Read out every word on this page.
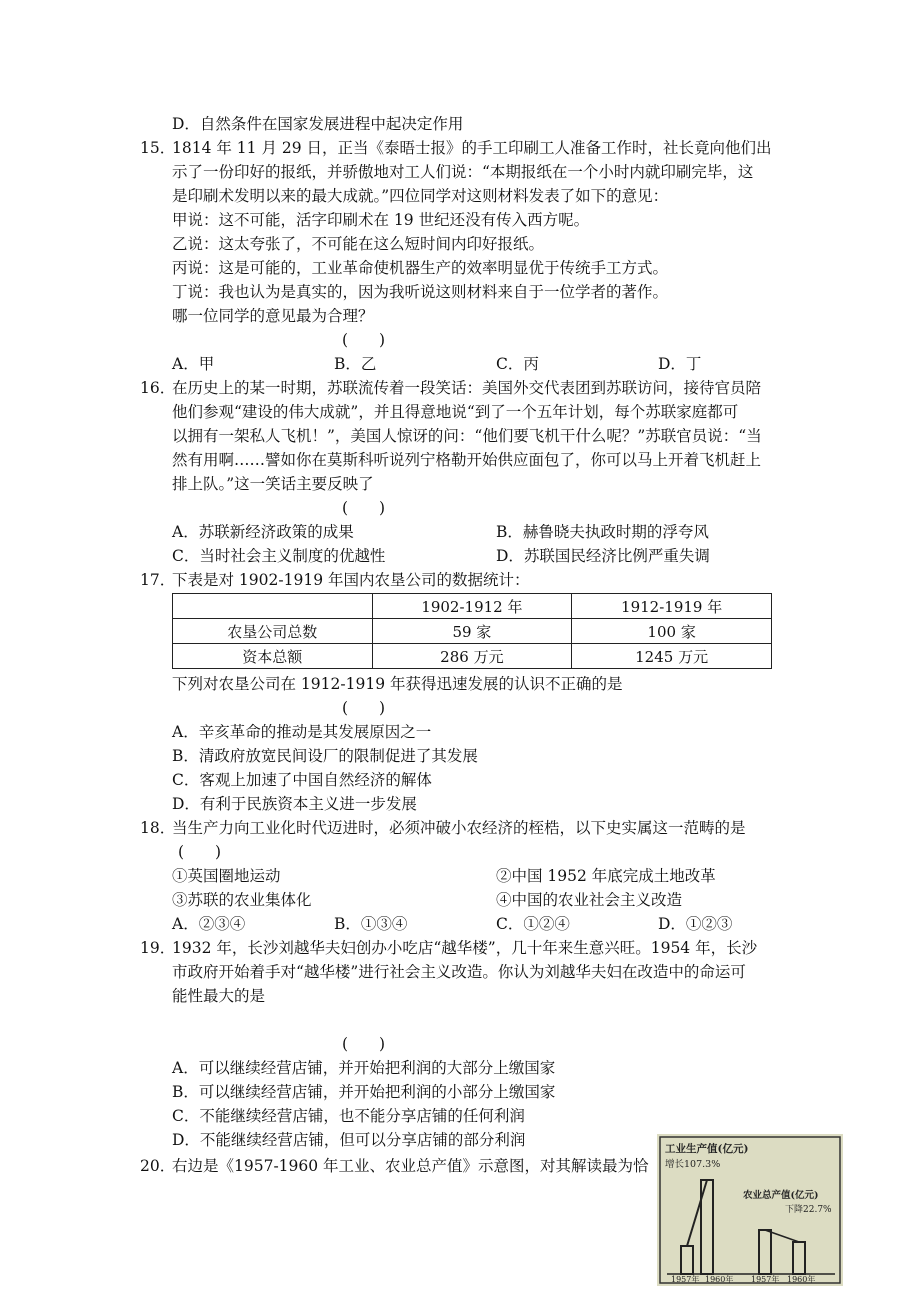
D．自然条件在国家发展进程中起决定作用
15．
1814 年 11 月 29 日，正当《泰晤士报》的手工印刷工人准备工作时，社长竟向他们出
示了一份印好的报纸，并骄傲地对工人们说：“本期报纸在一个小时内就印刷完毕，这
是印刷术发明以来的最大成就。”四位同学对这则材料发表了如下的意见：
甲说：这不可能，活字印刷术在 19 世纪还没有传入西方呢。
乙说：这太夸张了，不可能在这么短时间内印好报纸。
丙说：这是可能的，工业革命使机器生产的效率明显优于传统手工方式。
丁说：我也认为是真实的，因为我听说这则材料来自于一位学者的著作。
哪一位同学的意见最为合理？
(　　)
A．甲	B．乙	C．丙	D．丁
16．
在历史上的某一时期，苏联流传着一段笑话：美国外交代表团到苏联访问，接待官员陪
他们参观“建设的伟大成就”，并且得意地说“到了一个五年计划，每个苏联家庭都可
以拥有一架私人飞机！”，美国人惊讶的问：“他们要飞机干什么呢？”苏联官员说：“当
然有用啊……譬如你在莫斯科听说列宁格勒开始供应面包了，你可以马上开着飞机赶上
排上队。”这一笑话主要反映了
(　　)
A．苏联新经济政策的成果	B．赫鲁晓夫执政时期的浮夸风
C．当时社会主义制度的优越性	D．苏联国民经济比例严重失调
17．
下表是对 1902-1919 年国内农垦公司的数据统计：
	1902-1912 年	1912-1919 年
农垦公司总数	59 家	100 家
资本总额	286 万元	1245 万元
下列对农垦公司在 1912-1919 年获得迅速发展的认识不正确的是
(　　)
A．辛亥革命的推动是其发展原因之一
B．清政府放宽民间设厂的限制促进了其发展
C．客观上加速了中国自然经济的解体
D．有利于民族资本主义进一步发展
18．
当生产力向工业化时代迈进时，必须冲破小农经济的桎梏，以下史实属这一范畴的是
(　　)
①英国圈地运动	②中国 1952 年底完成土地改革
③苏联的农业集体化	④中国的农业社会主义改造
A．②③④	B．①③④	C．①②④	D．①②③
19．
1932 年，长沙刘越华夫妇创办小吃店“越华楼”，几十年来生意兴旺。1954 年，长沙
市政府开始着手对“越华楼”进行社会主义改造。你认为刘越华夫妇在改造中的命运可
能性最大的是
(　　)
A．可以继续经营店铺，并开始把利润的大部分上缴国家
B．可以继续经营店铺，并开始把利润的小部分上缴国家
C．不能继续经营店铺，也不能分享店铺的任何利润
D．不能继续经营店铺，但可以分享店铺的部分利润
20．
右边是《1957-1960 年工业、农业总产值》示意图，对其解读最为恰
工业生产值(亿元)
增长107.3%
农业总产值(亿元)
下降22.7%
1957年 1960年 1957年 1960年
